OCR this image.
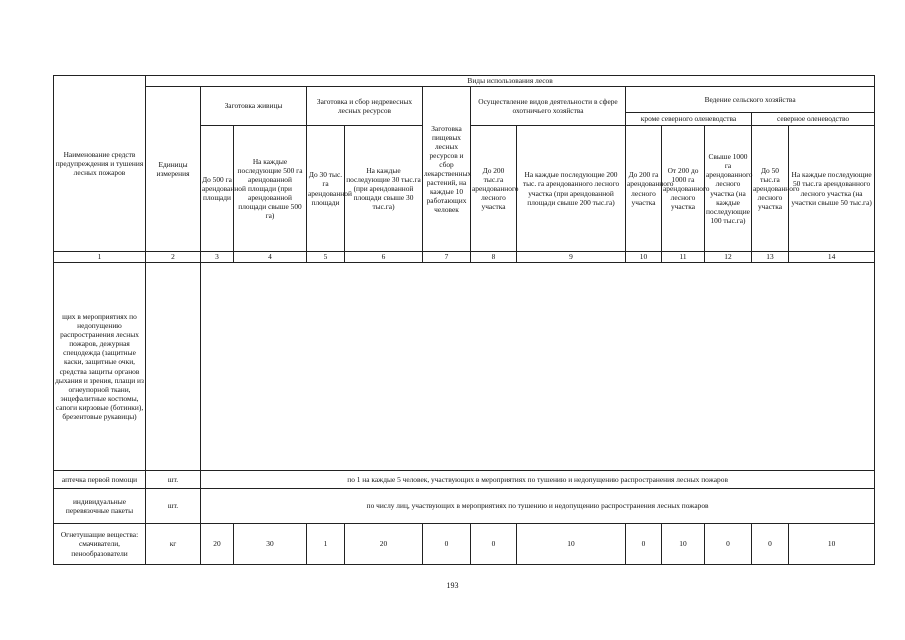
Наименование средств предупреждения и тушения лесных пожаров	Виды использования лесов												
	Единицы измерения	Заготовка живицы		Заготовка и сбор недревесных лесных ресурсов		Заготовка пищевых лесных ресурсов и сбор лекарственных растений, на каждые 10 работающих человек	Осуществление видов деятельности в сфере охотничьего хозяйства		Ведение сельского хозяйства				
									кроме северного оленеводства			северное оленеводство	
		До 500 га арендованной площади	На каждые последующие 500 га арендованной площади (при арендованной площади свыше 500 га)	До 30 тыс. га арендованной площади	На каждые последующие 30 тыс.га (при арендованной площади свыше 30 тыс.га)		До 200 тыс.га арендованного лесного участка	На каждые последующие 200 тыс. га арендованного лесного участка (при арендованной площади свыше 200 тыс.га)	До 200 га арендованного лесного участка	От 200 до 1000 га арендованного лесного участка	Свыше 1000 га арендованного лесного участка (на каждые последующие 100 тыс.га)	До 50 тыс.га арендованного лесного участка	На каждые последующие 50 тыс.га арендованного лесного участка (на участки свыше 50 тыс.га)
1	2	3	4	5	6	7	8	9	10	11	12	13	14
щих в мероприятиях по недопущению распространения лесных пожаров, дежурная спецодежда (защитные каски, защитные очки, средства защиты органов дыхания и зрения, плащи из огнеупорной ткани, энцефалитные костюмы, сапоги кирзовые (ботинки), брезентовые рукавицы)													
аптечка первой помощи	шт.	по 1 на каждые 5 человек, участвующих в мероприятиях по тушению и недопущению распространения лесных пожаров											
индивидуальные перевязочные пакеты	шт.	по числу лиц, участвующих в мероприятиях по тушению и недопущению распространения лесных пожаров											
Огнетушащие вещества: смачиватели, пенообразователи	кг	20	30	1	20	0	0	10	0	10	0	0	10
193
